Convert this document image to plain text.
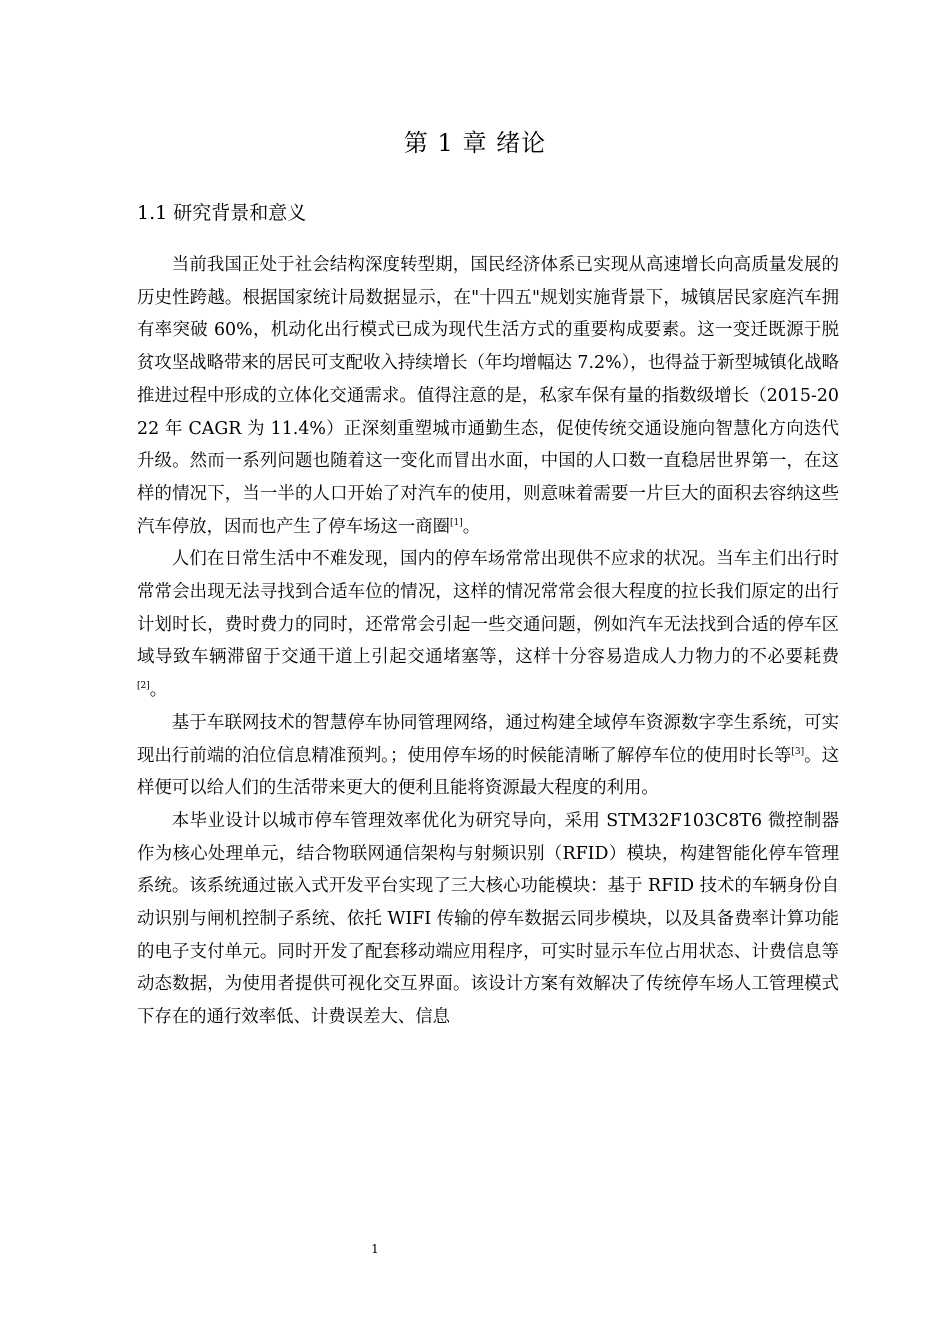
第 1 章 绪论
1.1 研究背景和意义

当前我国正处于社会结构深度转型期，国民经济体系已实现从高速增长向高质量发展的历史性跨越。根据国家统计局数据显示，在"十四五"规划实施背景下，城镇居民家庭汽车拥有率突破 60%，机动化出行模式已成为现代生活方式的重要构成要素。这一变迁既源于脱贫攻坚战略带来的居民可支配收入持续增长（年均增幅达 7.2%），也得益于新型城镇化战略推进过程中形成的立体化交通需求。值得注意的是，私家车保有量的指数级增长（2015-2022 年 CAGR 为 11.4%）正深刻重塑城市通勤生态，促使传统交通设施向智慧化方向迭代升级。然而一系列问题也随着这一变化而冒出水面，中国的人口数一直稳居世界第一，在这样的情况下，当一半的人口开始了对汽车的使用，则意味着需要一片巨大的面积去容纳这些汽车停放，因而也产生了停车场这一商圈[1]。

人们在日常生活中不难发现，国内的停车场常常出现供不应求的状况。当车主们出行时常常会出现无法寻找到合适车位的情况，这样的情况常常会很大程度的拉长我们原定的出行计划时长，费时费力的同时，还常常会引起一些交通问题，例如汽车无法找到合适的停车区域导致车辆滞留于交通干道上引起交通堵塞等，这样十分容易造成人力物力的不必要耗费[2]。

基于车联网技术的智慧停车协同管理网络，通过构建全域停车资源数字孪生系统，可实现出行前端的泊位信息精准预判。；使用停车场的时候能清晰了解停车位的使用时长等[3]。这样便可以给人们的生活带来更大的便利且能将资源最大程度的利用。

本毕业设计以城市停车管理效率优化为研究导向，采用 STM32F103C8T6 微控制器作为核心处理单元，结合物联网通信架构与射频识别（RFID）模块，构建智能化停车管理系统。该系统通过嵌入式开发平台实现了三大核心功能模块：基于 RFID 技术的车辆身份自动识别与闸机控制子系统、依托 WIFI 传输的停车数据云同步模块，以及具备费率计算功能的电子支付单元。同时开发了配套移动端应用程序，可实时显示车位占用状态、计费信息等动态数据，为使用者提供可视化交互界面。该设计方案有效解决了传统停车场人工管理模式下存在的通行效率低、计费误差大、信息

1
